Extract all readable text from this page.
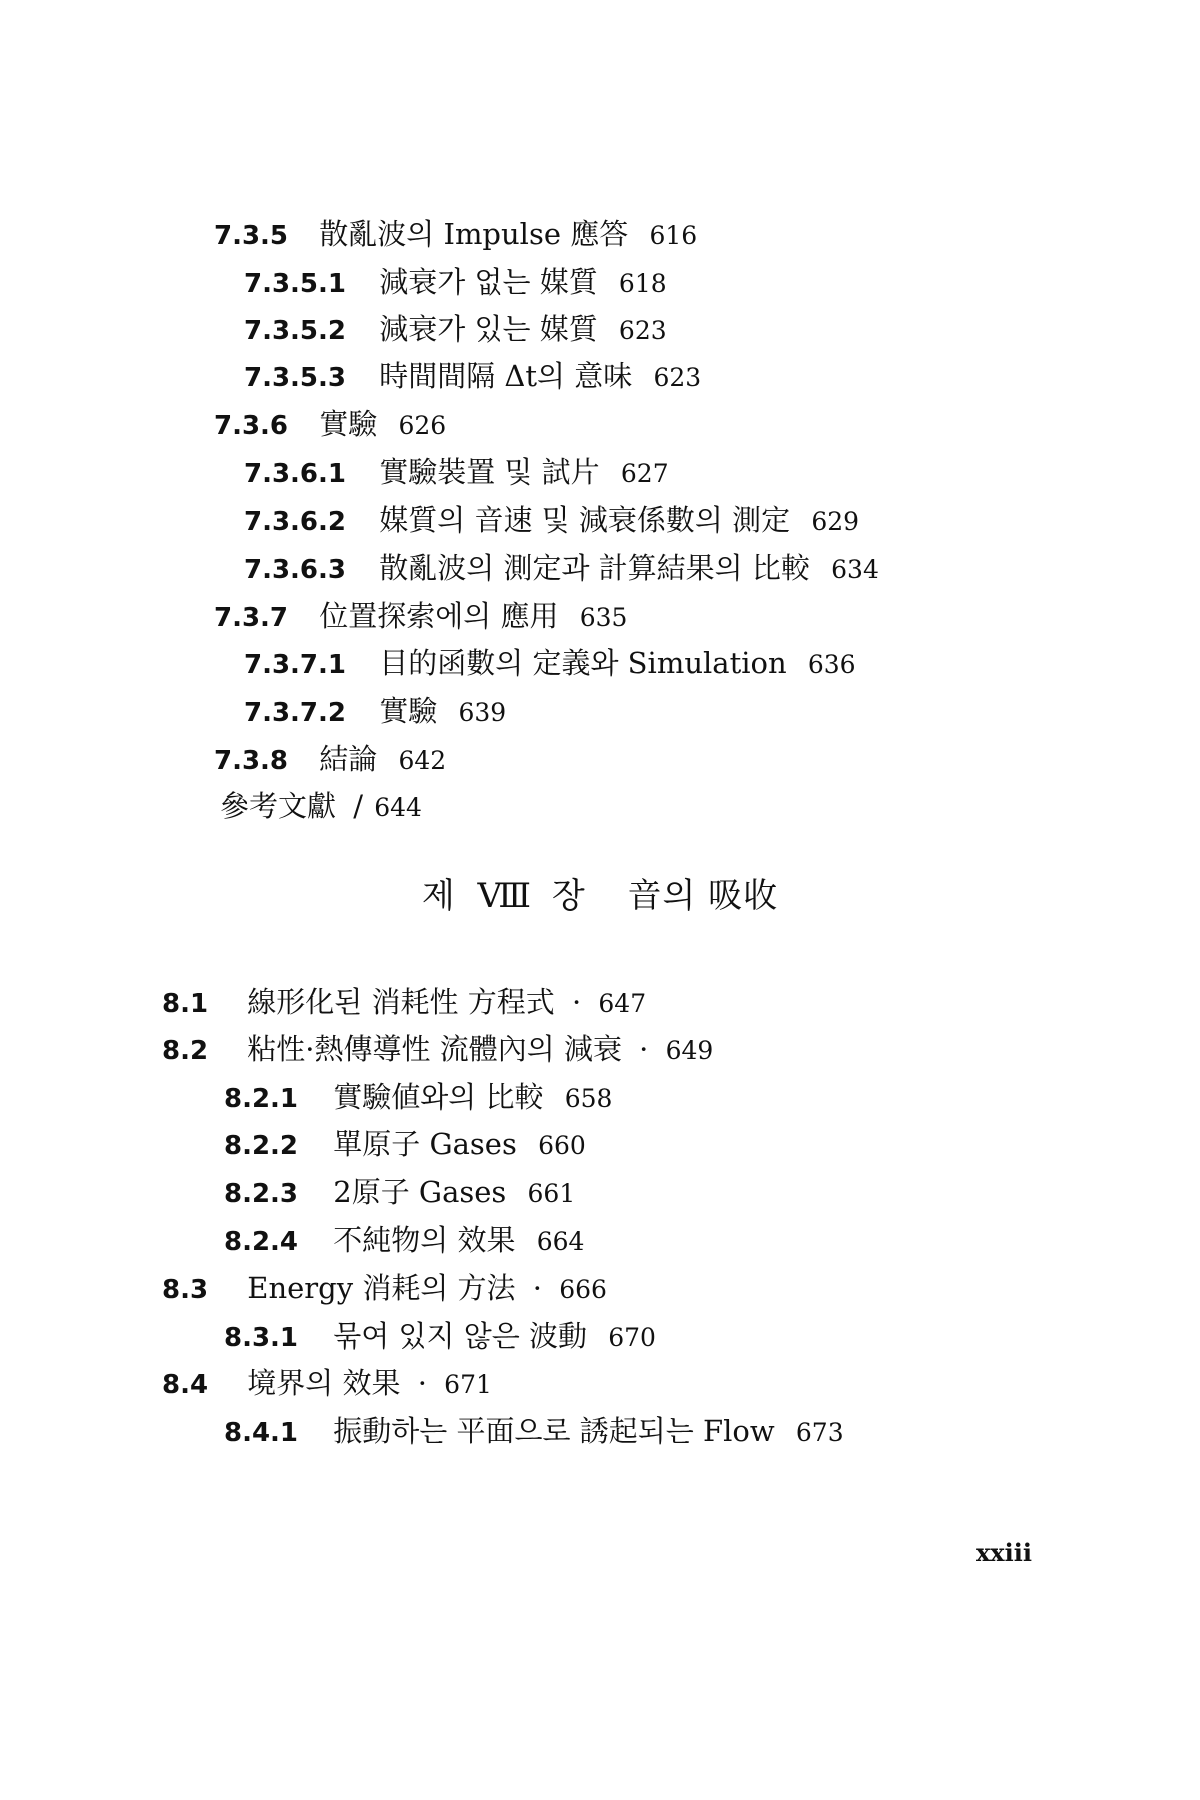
7.3.5 散亂波의 Impulse 應答 616
7.3.5.1 減衰가 없는 媒質 618
7.3.5.2 減衰가 있는 媒質 623
7.3.5.3 時間間隔 Δt의 意味 623
7.3.6 實驗 626
7.3.6.1 實驗裝置 및 試片 627
7.3.6.2 媒質의 音速 및 減衰係數의 測定 629
7.3.6.3 散亂波의 測定과 計算結果의 比較 634
7.3.7 位置探索에의 應用 635
7.3.7.1 目的函數의 定義와 Simulation 636
7.3.7.2 實驗 639
7.3.8 結論 642
參考文獻 / 644
제 Ⅷ 장 音의 吸收
8.1 線形化된 消耗性 方程式 · 647
8.2 粘性·熱傳導性 流體內의 減衰 · 649
8.2.1 實驗値와의 比較 658
8.2.2 單原子 Gases 660
8.2.3 2原子 Gases 661
8.2.4 不純物의 效果 664
8.3 Energy 消耗의 方法 · 666
8.3.1 묶여 있지 않은 波動 670
8.4 境界의 效果 · 671
8.4.1 振動하는 平面으로 誘起되는 Flow 673
xxiii
